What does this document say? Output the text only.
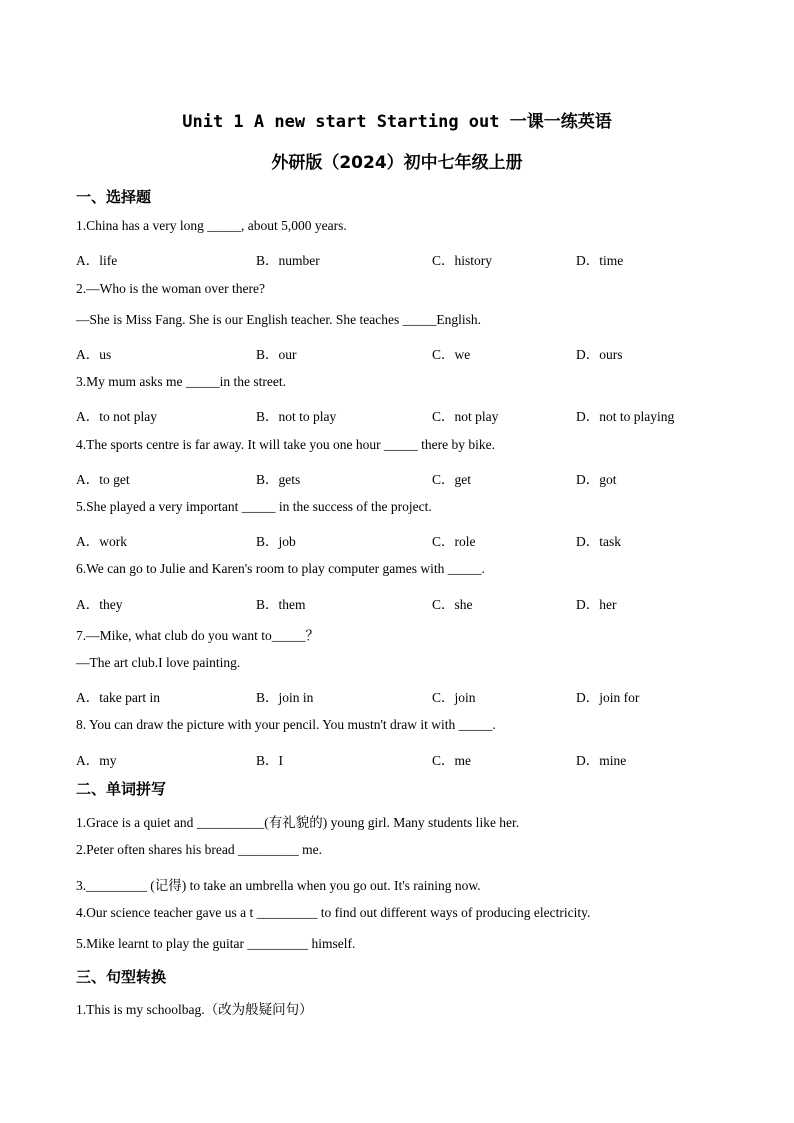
Unit 1 A new start Starting out 一课一练英语
外研版（2024）初中七年级上册
一、选择题
1.China has a very long _____, about 5,000 years.
A．life	B．number	C．history	D．time
2.—Who is the woman over there?
—She is Miss Fang. She is our English teacher. She teaches _____English.
A．us	B．our	C．we	D．ours
3.My mum asks me _____in the street.
A．to not play	B．not to play	C．not play	D．not to playing
4.The sports centre is far away. It will take you one hour _____ there by bike.
A．to get	B．gets	C．get	D．got
5.She played a very important _____ in the success of the project.
A．work	B．job	C．role	D．task
6.We can go to Julie and Karen's room to play computer games with _____.
A．they	B．them	C．she	D．her
7.—Mike, what club do you want to_____？
—The art club.I love painting.
A．take part in	B．join in	C．join	D．join for
8. You can draw the picture with your pencil. You mustn't draw it with _____.
A．my	B．I	C．me	D．mine
二、单词拼写
1.Grace is a quiet and __________(有礼貌的) young girl. Many students like her.
2.Peter often shares his bread _________ me.
3._________ (记得) to take an umbrella when you go out. It's raining now.
4.Our science teacher gave us a t _________ to find out different ways of producing electricity.
5.Mike learnt to play the guitar _________ himself.
三、句型转换
1.This is my schoolbag.（改为般疑问句）
